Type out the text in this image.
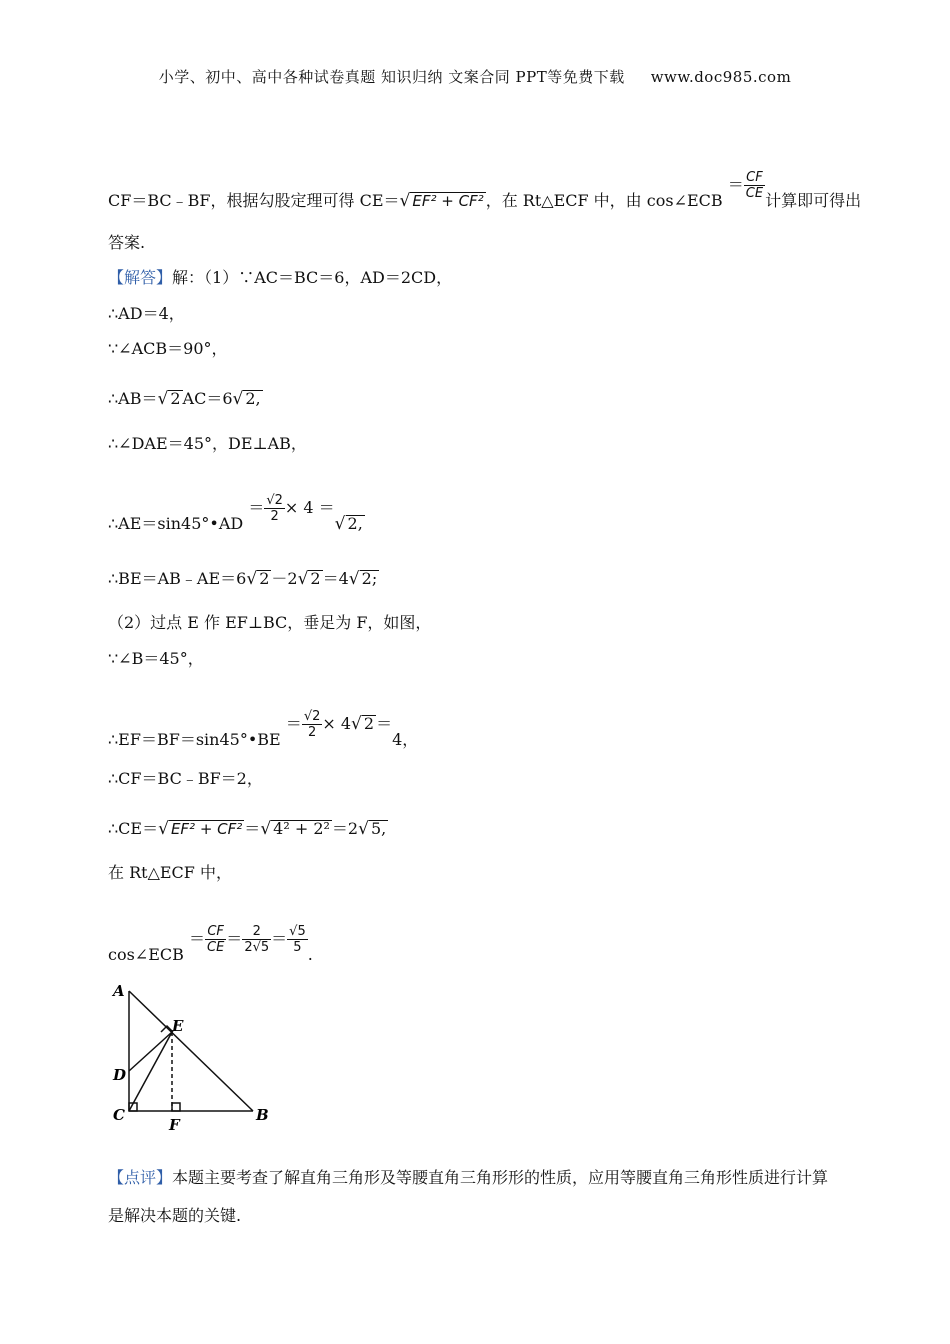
小学、初中、高中各种试卷真题 知识归纳 文案合同 PPT等免费下载 www.doc985.com
CF＝BC﹣BF，根据勾股定理可得 CE＝√ EF² + CF² ，在 Rt△ECF 中，由 cos∠ECB ＝ $\frac{CF}{CE}$ 计算即可得出
答案.
【解答】解：（1）∵AC＝BC＝6，AD＝2CD，
∴AD＝4，
∵∠ACB＝90°，
∴AB＝√ 2 AC＝6√ 2,
∴∠DAE＝45°，DE⊥AB，
∴AE＝sin45°•AD ＝ $\frac{√2}{2} \times 4$ ＝√ 2,
∴BE＝AB﹣AE＝6√ 2 －2√ 2 ＝4√ 2;
（2）过点 E 作 EF⊥BC，垂足为 F，如图，
∵∠B＝45°，
∴EF＝BF＝sin45°•BE ＝ $\frac{√2}{2} \times 4√$ 2 ＝4，
∴CF＝BC﹣BF＝2，
∴CE＝√ EF² + CF² ＝√ 4² + 2² ＝2√ 5,
在 Rt△ECF 中，
cos∠ECB ＝ $\frac{CF}{CE} = \frac{2}{2√5} = \frac{√5}{5}$ .
A
E
D
C
F
B
【点评】本题主要考查了解直角三角形及等腰直角三角形形的性质，应用等腰直角三角形性质进行计算
是解决本题的关键.
